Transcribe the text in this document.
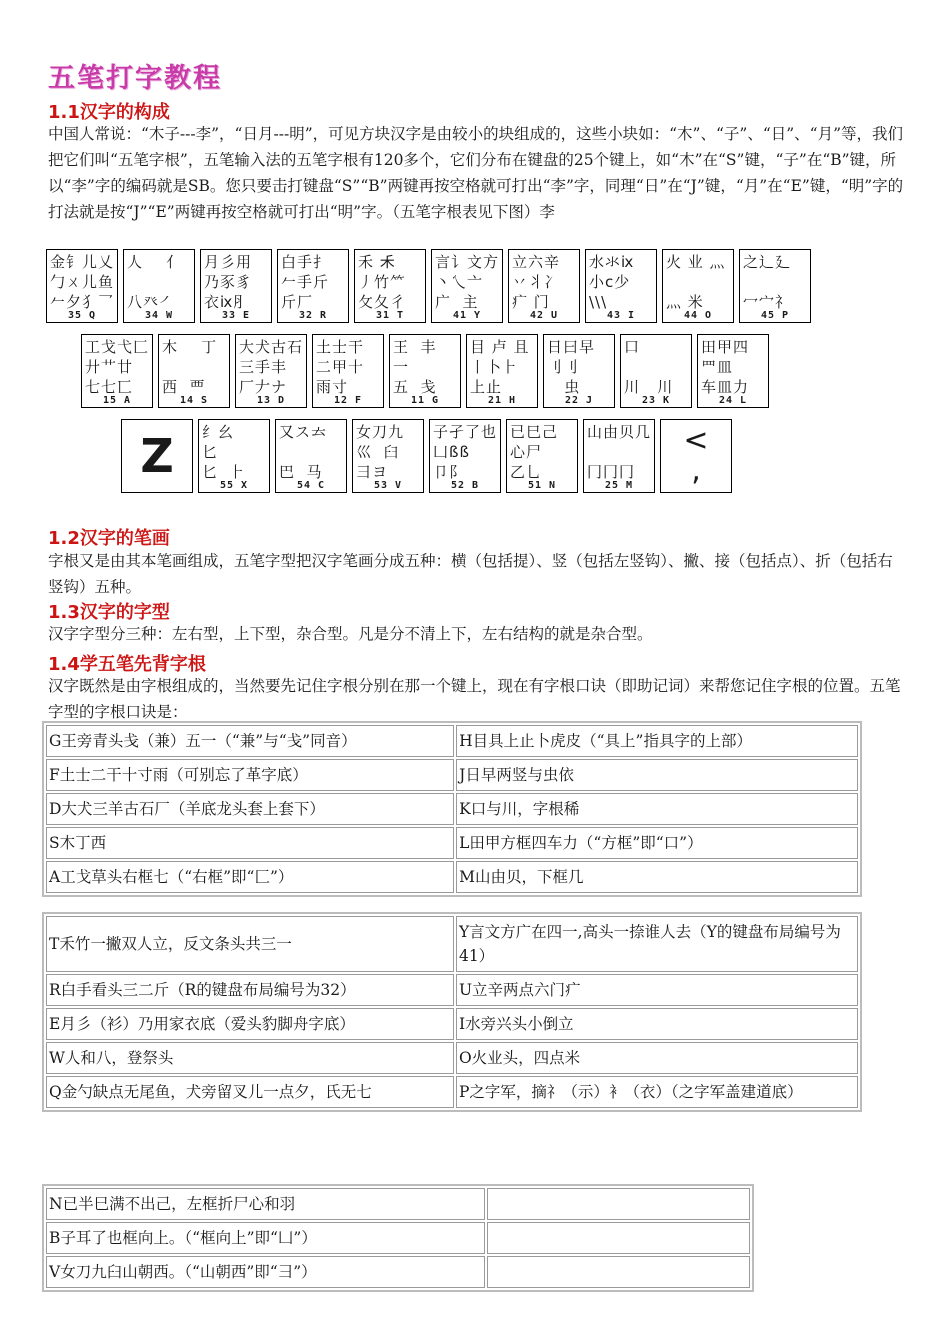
五笔打字教程
1.1汉字的构成
中国人常说：“木子---李”，“日月---明”，可见方块汉字是由较小的块组成的，这些小块如：“木”、“子”、“日”、“月”等，我们把它们叫“五笔字根”，五笔输入法的五笔字根有120多个，它们分布在键盘的25个键上，如“木”在“S”键，“子”在“B”键，所以“李”字的编码就是SB。您只要击打键盘“S”“B”两键再按空格就可打出“李”字，同理“日”在“J”键，“月”在“E”键，“明”字的打法就是按“J”“E”两键再按空格就可打出“明”字。（五笔字根表见下图）李
金钅儿乂
勹ㄨ儿鱼
𠂉夕犭乛
35 Q
人    亻

八癶㇒
34 W
月彡用
乃豕豸
衣ⅸ⺼
33 E
白手扌
𠂉手斤
斤厂
32 R
禾 𥝌
丿竹⺮
攵夂彳
31 T
言讠文方
丶乀亠
广  主
41 Y
立六辛
丷丬冫
疒 门
42 U
水氺ⅸ
小ⅽ少
\\\
43 I
火 业 灬

灬 米
44 O
之辶廴

冖宀礻
45 P
工戈弋匚
廾艹廿
七七匸
15 A
木    丁

西  覀
14 S
大犬古石
三手丰
厂𠂇ナ
13 D
土士干
二甲十
雨寸
12 F
王  丰
一
五  戋
11 G
目 卢 且
丨卜⺊
上止
21 H
日曰早
刂刂
虫
22 J
口

川   川
23 K
田甲四
罒皿
车皿力
24 L
Z 纟幺
匕
匕  ⺊
55 X
又ス𠫓

巴  马
54 C
女刀九
巛  臼
彐ヨ
53 V
子孑了也
凵ßß
卩阝
52 B
已巳己
心尸
乙乚
51 N
山由贝几

冂冂冂
25 M
<
,
1.2汉字的笔画
字根又是由其本笔画组成，五笔字型把汉字笔画分成五种：横（包括提）、竖（包括左竖钩）、撇、接（包括点）、折（包括右竖钩）五种。
1.3汉字的字型
汉字字型分三种：左右型，上下型，杂合型。凡是分不清上下，左右结构的就是杂合型。
1.4学五笔先背字根
汉字既然是由字根组成的，当然要先记住字根分别在那一个键上，现在有字根口诀（即助记词）来帮您记住字根的位置。五笔字型的字根口诀是：
G王旁青头戋（兼）五一（“兼”与“戋”同音）	H目具上止卜虎皮（“具上”指具字的上部）
F土士二干十寸雨（可别忘了革字底）	J日早两竖与虫依
D大犬三羊古石厂（羊底龙头套上套下）	K口与川，字根稀
S木丁西	L田甲方框四车力（“方框”即“口”）
A工戈草头右框七（“右框”即“匚”）	M山由贝，下框几
T禾竹一撇双人立，反文条头共三一	Y言文方广在四一,高头一捺谁人去（Y的键盘布局编号为41）
R白手看头三二斤（R的键盘布局编号为32）	U立辛两点六门疒
E月彡（衫）乃用家衣底（爱头豹脚舟字底）	I水旁兴头小倒立
W人和八，登祭头	O火业头，四点米
Q金勺缺点无尾鱼，犬旁留叉儿一点夕，氏无七	P之字军，摘礻（示）衤（衣）（之字军盖建道底）
N已半巳满不出己，左框折尸心和羽	
B子耳了也框向上。（“框向上”即“凵”）	
V女刀九臼山朝西。（“山朝西”即“彐”）	
